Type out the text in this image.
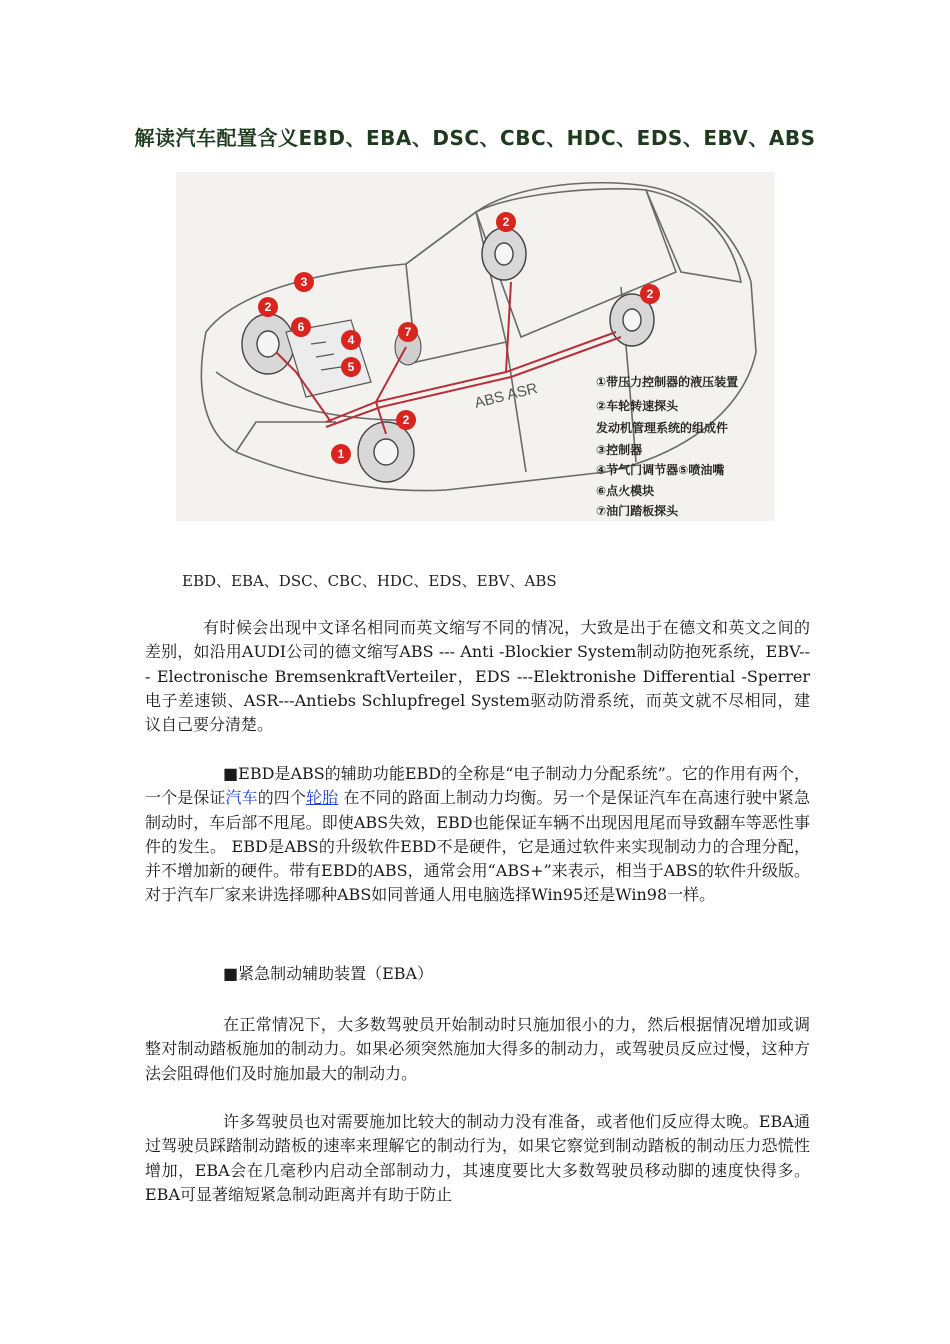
解读汽车配置含义EBD、EBA、DSC、CBC、HDC、EDS、EBV、ABS
ABS ASR
1
2
2
2
2
3
4
5
6	7
①带压力控制器的液压装置
②车轮转速探头
发动机管理系统的组成件
③控制器
④节气门调节器⑤喷油嘴
⑥点火模块
⑦油门踏板探头
EBD、EBA、DSC、CBC、HDC、EDS、EBV、ABS

有时候会出现中文译名相同而英文缩写不同的情况，大致是出于在德文和英文之间的差别，如沿用AUDI公司的德文缩写ABS --- Anti -Blockier System制动防抱死系统，EBV--- Electronische BremsenkraftVerteiler，EDS ---Elektronishe Differential -Sperrer电子差速锁、ASR---Antiebs Schlupfregel System驱动防滑系统，而英文就不尽相同，建议自己要分清楚。

■EBD是ABS的辅助功能EBD的全称是“电子制动力分配系统”。它的作用有两个，一个是保证汽车的四个轮胎 在不同的路面上制动力均衡。另一个是保证汽车在高速行驶中紧急制动时，车后部不甩尾。即使ABS失效，EBD也能保证车辆不出现因甩尾而导致翻车等恶性事件的发生。 EBD是ABS的升级软件EBD不是硬件，它是通过软件来实现制动力的合理分配，并不增加新的硬件。带有EBD的ABS，通常会用“ABS+”来表示，相当于ABS的软件升级版。对于汽车厂家来讲选择哪种ABS如同普通人用电脑选择Win95还是Win98一样。

■紧急制动辅助装置（EBA）

在正常情况下，大多数驾驶员开始制动时只施加很小的力，然后根据情况增加或调整对制动踏板施加的制动力。如果必须突然施加大得多的制动力，或驾驶员反应过慢，这种方法会阻碍他们及时施加最大的制动力。

许多驾驶员也对需要施加比较大的制动力没有准备，或者他们反应得太晚。EBA通过驾驶员踩踏制动踏板的速率来理解它的制动行为，如果它察觉到制动踏板的制动压力恐慌性增加，EBA会在几毫秒内启动全部制动力，其速度要比大多数驾驶员移动脚的速度快得多。EBA可显著缩短紧急制动距离并有助于防止
